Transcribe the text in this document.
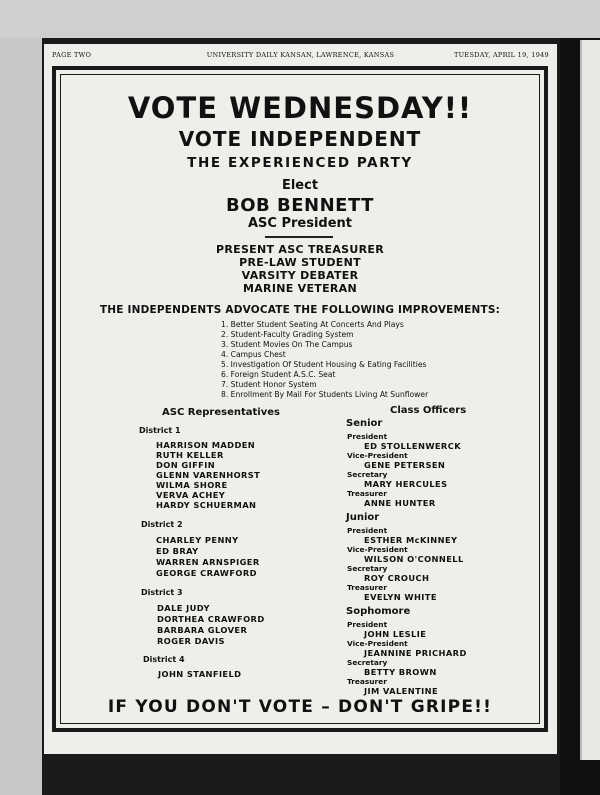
PAGE TWO	UNIVERSITY DAILY KANSAN, LAWRENCE, KANSAS	TUESDAY, APRIL 19, 1949
VOTE WEDNESDAY!!
VOTE INDEPENDENT
THE EXPERIENCED PARTY
Elect
BOB BENNETT
ASC President
PRESENT ASC TREASURER
PRE-LAW STUDENT
VARSITY DEBATER
MARINE VETERAN
THE INDEPENDENTS ADVOCATE THE FOLLOWING IMPROVEMENTS:
1. Better Student Seating At Concerts And Plays
2. Student-Faculty Grading System
3. Student Movies On The Campus
4. Campus Chest
5. Investigation Of Student Housing & Eating Facilities
6. Foreign Student A.S.C. Seat
7. Student Honor System
8. Enrollment By Mail For Students Living At Sunflower
ASC Representatives
District 1
HARRISON MADDEN
RUTH KELLER
DON GIFFIN
GLENN VARENHORST
WILMA SHORE
VERVA ACHEY
HARDY SCHUERMAN
District 2
CHARLEY PENNY
ED BRAY
WARREN ARNSPIGER
GEORGE CRAWFORD
District 3
DALE JUDY
DORTHEA CRAWFORD
BARBARA GLOVER
ROGER DAVIS
District 4
JOHN STANFIELD
Class Officers
Senior
President
ED STOLLENWERCK
Vice-President
GENE PETERSEN
Secretary
MARY HERCULES
Treasurer
ANNE HUNTER
Junior
President
ESTHER McKINNEY
Vice-President
WILSON O'CONNELL
Secretary
ROY CROUCH
Treasurer
EVELYN WHITE
Sophomore
President
JOHN LESLIE
Vice-President
JEANNINE PRICHARD
Secretary
BETTY BROWN
Treasurer
JIM VALENTINE
IF YOU DON'T VOTE – DON'T GRIPE!!
